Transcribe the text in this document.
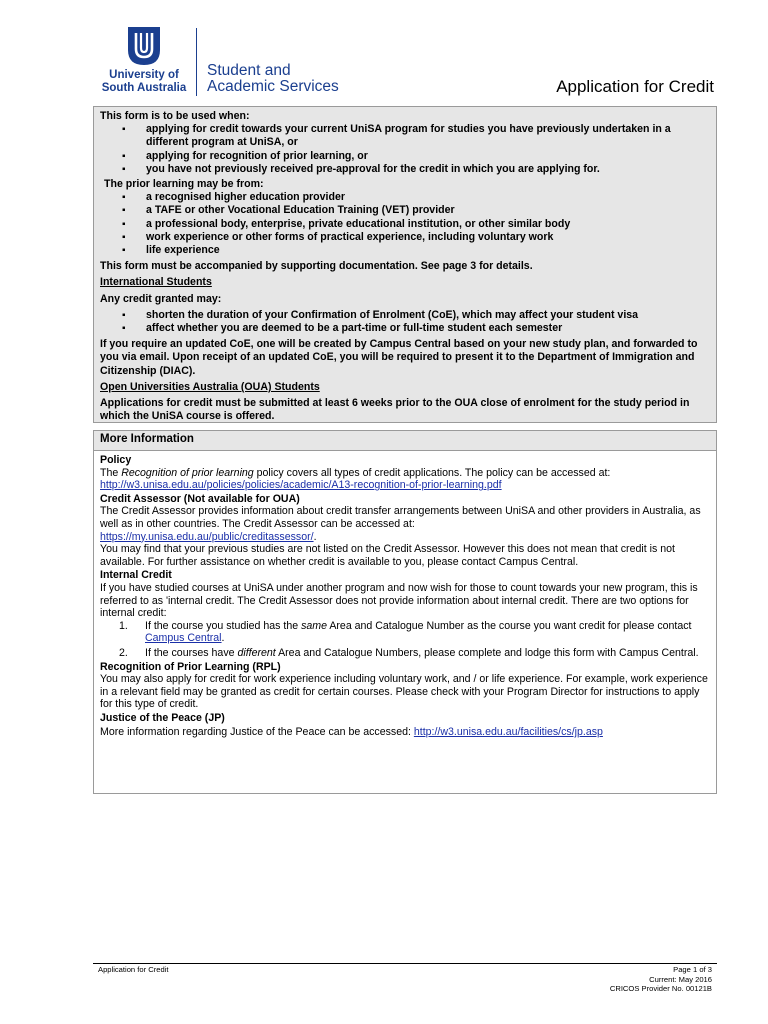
University of
South Australia
Student and
Academic Services	Application for Credit

This form is to be used when:

▪ applying for credit towards your current UniSA program for studies you have previously undertaken in a different program at UniSA, or
▪ applying for recognition of prior learning, or
▪ you have not previously received pre-approval for the credit in which you are applying for.

The prior learning may be from:

▪ a recognised higher education provider
▪ a TAFE or other Vocational Education Training (VET) provider
▪ a professional body, enterprise, private educational institution, or other similar body
▪ work experience or other forms of practical experience, including voluntary work
▪ life experience

This form must be accompanied by supporting documentation. See page 3 for details.

International Students

Any credit granted may:

▪ shorten the duration of your Confirmation of Enrolment (CoE), which may affect your student visa
▪ affect whether you are deemed to be a part-time or full-time student each semester

If you require an updated CoE, one will be created by Campus Central based on your new study plan, and forwarded to you via email. Upon receipt of an updated CoE, you will be required to present it to the Department of Immigration and Citizenship (DIAC).

Open Universities Australia (OUA) Students

Applications for credit must be submitted at least 6 weeks prior to the OUA close of enrolment for the study period in which the UniSA course is offered.

More Information
Policy

The Recognition of prior learning policy covers all types of credit applications. The policy can be accessed at:

http://w3.unisa.edu.au/policies/policies/academic/A13-recognition-of-prior-learning.pdf

Credit Assessor (Not available for OUA)

The Credit Assessor provides information about credit transfer arrangements between UniSA and other providers in Australia, as well as in other countries. The Credit Assessor can be accessed at:

https://my.unisa.edu.au/public/creditassessor/.

You may find that your previous studies are not listed on the Credit Assessor. However this does not mean that credit is not available. For further assistance on whether credit is available to you, please contact Campus Central.

Internal Credit

If you have studied courses at UniSA under another program and now wish for those to count towards your new program, this is referred to as 'internal credit. The Credit Assessor does not provide information about internal credit. There are two options for internal credit:

1. If the course you studied has the same Area and Catalogue Number as the course you want credit for please contact Campus Central.
2. If the courses have different Area and Catalogue Numbers, please complete and lodge this form with Campus Central.
Recognition of Prior Learning (RPL)

You may also apply for credit for work experience including voluntary work, and / or life experience. For example, work experience in a relevant field may be granted as credit for certain courses. Please check with your Program Director for instructions to apply for this type of credit.

Justice of the Peace (JP)

More information regarding Justice of the Peace can be accessed: http://w3.unisa.edu.au/facilities/cs/jp.asp

Application for Credit	Page 1 of 3
Current: May 2016
CRICOS Provider No. 00121B
